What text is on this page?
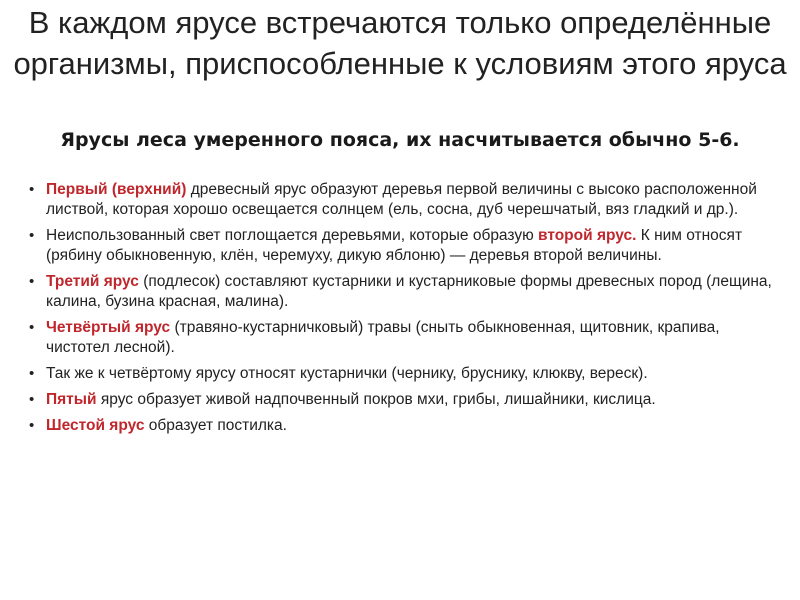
В каждом ярусе встречаются только определённые организмы, приспособленные к условиям этого яруса
Ярусы леса умеренного пояса, их насчитывается обычно 5-6.
• Первый (верхний) древесный ярус образуют деревья первой величины с высоко расположенной листвой, которая хорошо освещается солнцем (ель, сосна, дуб черешчатый, вяз гладкий и др.).
• Неиспользованный свет поглощается деревьями, которые образую второй ярус. К ним относят (рябину обыкновенную, клён, черемуху, дикую яблоню) — деревья второй величины.
• Третий ярус (подлесок) составляют кустарники и кустарниковые формы древесных пород (лещина, калина, бузина красная, малина).
• Четвёртый ярус (травяно-кустарничковый) травы (сныть обыкновенная, щитовник, крапива, чистотел лесной).
• Так же к четвёртому ярусу относят кустарнички (чернику, бруснику, клюкву, вереск).
• Пятый ярус образует живой надпочвенный покров мхи, грибы, лишайники, кислица.
• Шестой ярус образует постилка.
